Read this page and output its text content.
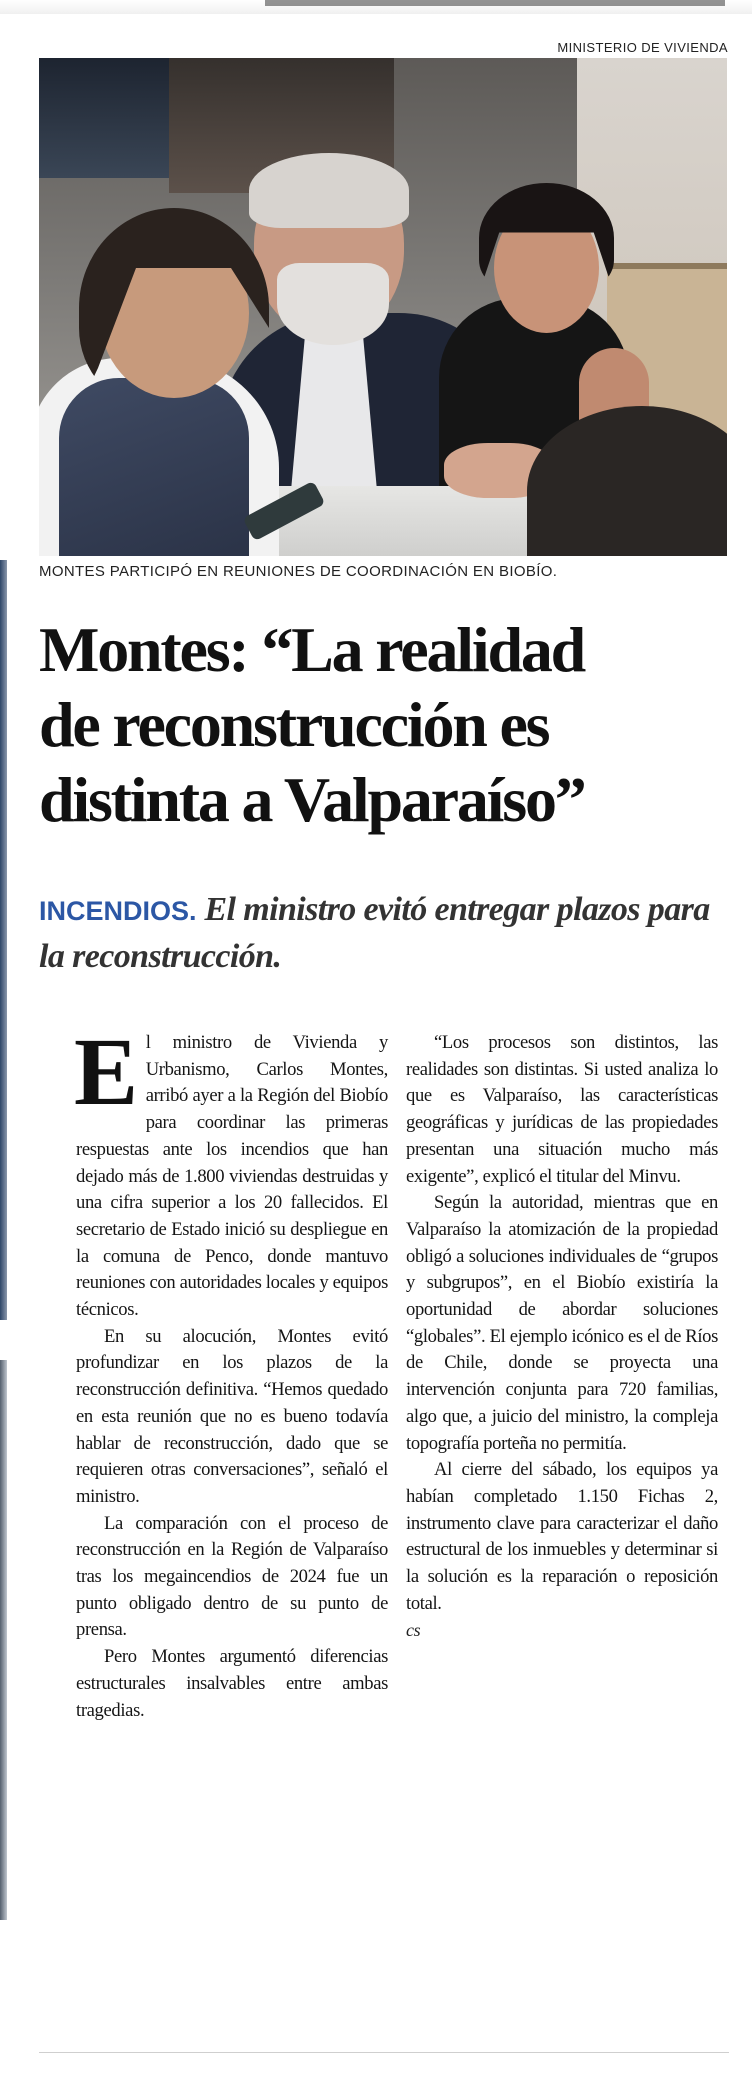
MINISTERIO DE VIVIENDA
MONTES PARTICIPÓ EN REUNIONES DE COORDINACIÓN EN BIOBÍO.
Montes: “La realidad
de reconstrucción es
distinta a Valparaíso”
INCENDIOS. El ministro evitó entregar plazos para la reconstrucción.

El ministro de Vivienda y Urbanismo, Carlos Montes, arribó ayer a la Región del Biobío para coordinar las primeras respuestas ante los incendios que han dejado más de 1.800 viviendas destruidas y una cifra superior a los 20 fallecidos. El secretario de Estado inició su despliegue en la comuna de Penco, donde mantuvo reuniones con autoridades locales y equipos técnicos.

En su alocución, Montes evitó profundizar en los plazos de la reconstrucción definitiva. “Hemos quedado en esta reunión que no es bueno todavía hablar de reconstrucción, dado que se requieren otras conversaciones”, señaló el ministro.

La comparación con el proceso de reconstrucción en la Región de Valparaíso tras los megaincendios de 2024 fue un punto obligado dentro de su punto de prensa.

Pero Montes argumentó diferencias estructurales insalvables entre ambas tragedias.

“Los procesos son distintos, las realidades son distintas. Si usted analiza lo que es Valparaíso, las características geográficas y jurídicas de las propiedades presentan una situación mucho más exigente”, explicó el titular del Minvu.

Según la autoridad, mientras que en Valparaíso la atomización de la propiedad obligó a soluciones individuales de “grupos y subgrupos”, en el Biobío existiría la oportunidad de abordar soluciones “globales”. El ejemplo icónico es el de Ríos de Chile, donde se proyecta una intervención conjunta para 720 familias, algo que, a juicio del ministro, la compleja topografía porteña no permitía.

Al cierre del sábado, los equipos ya habían completado 1.150 Fichas 2, instrumento clave para caracterizar el daño estructural de los inmuebles y determinar si la solución es la reparación o reposición total.

cs
